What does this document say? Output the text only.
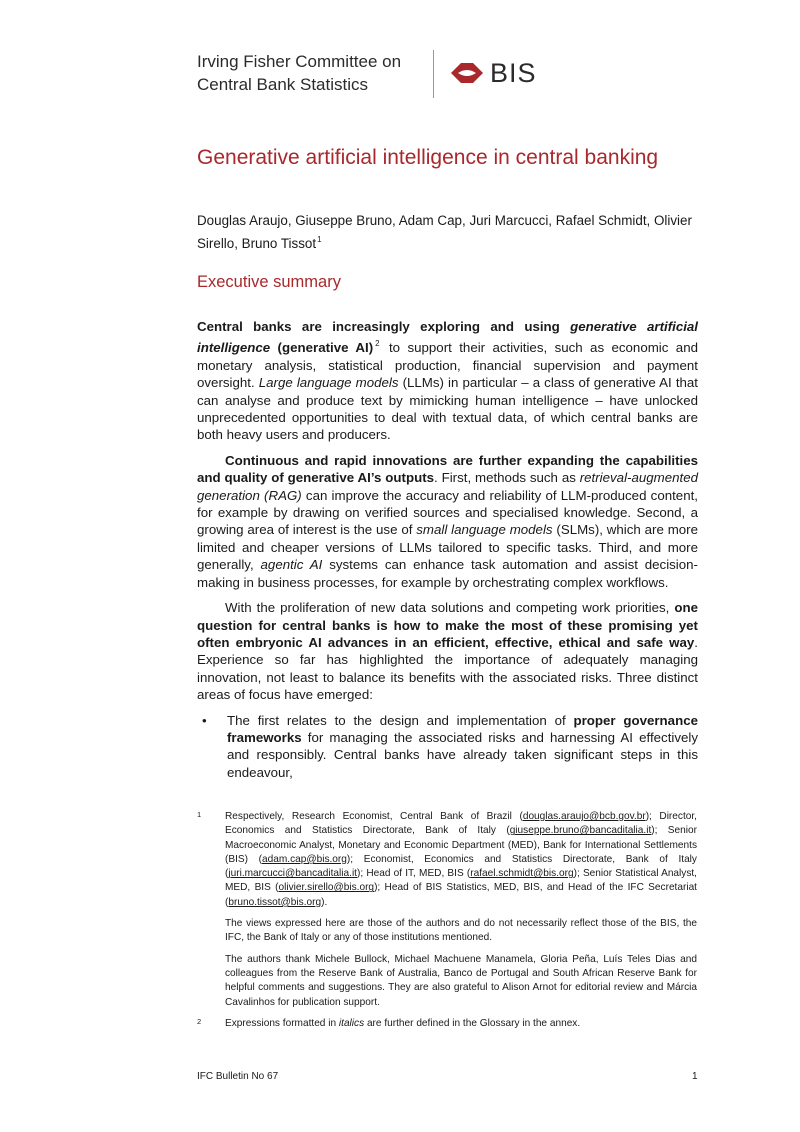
Irving Fisher Committee on
Central Bank Statistics	BIS
Generative artificial intelligence in central banking
Douglas Araujo, Giuseppe Bruno, Adam Cap, Juri Marcucci, Rafael Schmidt, Olivier Sirello, Bruno Tissot$^1$
Executive summary

Central banks are increasingly exploring and using generative artificial intelligence (generative AI) $^2$ to support their activities, such as economic and monetary analysis, statistical production, financial supervision and payment oversight. Large language models (LLMs) in particular – a class of generative AI that can analyse and produce text by mimicking human intelligence – have unlocked unprecedented opportunities to deal with textual data, of which central banks are both heavy users and producers.

Continuous and rapid innovations are further expanding the capabilities and quality of generative AI’s outputs. First, methods such as retrieval-augmented generation (RAG) can improve the accuracy and reliability of LLM-produced content, for example by drawing on verified sources and specialised knowledge. Second, a growing area of interest is the use of small language models (SLMs), which are more limited and cheaper versions of LLMs tailored to specific tasks. Third, and more generally, agentic AI systems can enhance task automation and assist decision-making in business processes, for example by orchestrating complex workflows.

With the proliferation of new data solutions and competing work priorities, one question for central banks is how to make the most of these promising yet often embryonic AI advances in an efficient, effective, ethical and safe way. Experience so far has highlighted the importance of adequately managing innovation, not least to balance its benefits with the associated risks. Three distinct areas of focus have emerged:

• The first relates to the design and implementation of proper governance frameworks for managing the associated risks and harnessing AI effectively and responsibly. Central banks have already taken significant steps in this endeavour,
1 Respectively, Research Economist, Central Bank of Brazil (douglas.araujo@bcb.gov.br); Director, Economics and Statistics Directorate, Bank of Italy (giuseppe.bruno@bancaditalia.it); Senior Macroeconomic Analyst, Monetary and Economic Department (MED), Bank for International Settlements (BIS) (adam.cap@bis.org); Economist, Economics and Statistics Directorate, Bank of Italy (juri.marcucci@bancaditalia.it); Head of IT, MED, BIS (rafael.schmidt@bis.org); Senior Statistical Analyst, MED, BIS (olivier.sirello@bis.org); Head of BIS Statistics, MED, BIS, and Head of the IFC Secretariat (bruno.tissot@bis.org).

The views expressed here are those of the authors and do not necessarily reflect those of the BIS, the IFC, the Bank of Italy or any of those institutions mentioned.

The authors thank Michele Bullock, Michael Machuene Manamela, Gloria Peña, Luís Teles Dias and colleagues from the Reserve Bank of Australia, Banco de Portugal and South African Reserve Bank for helpful comments and suggestions. They are also grateful to Alison Arnot for editorial review and Márcia Cavalinhos for publication support.

2 Expressions formatted in italics are further defined in the Glossary in the annex.

IFC Bulletin No 67	1
